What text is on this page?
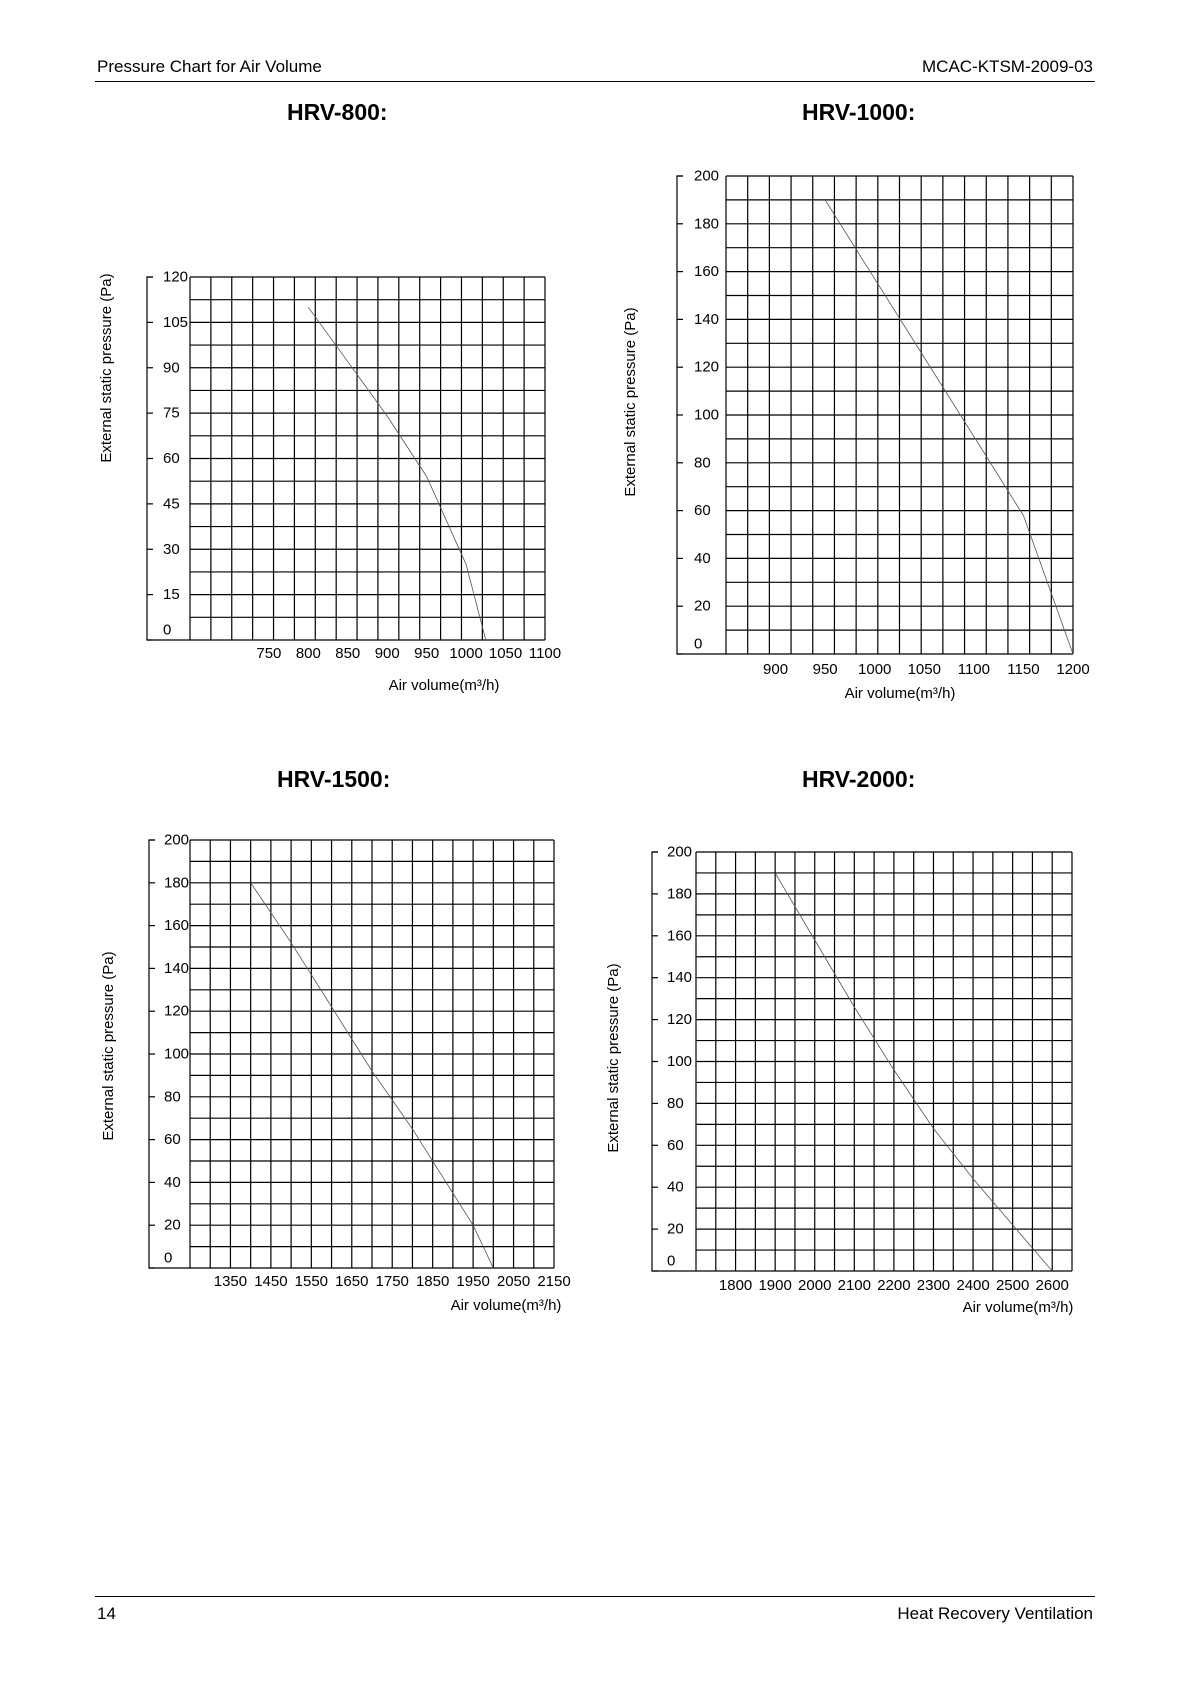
Pressure Chart for Air Volume	MCAC-KTSM-2009-03
HRV-800:	HRV-1000:
HRV-1500:	HRV-2000:
0
15
30
45
60
75
90
105
120
750 800 850 900 950 1000 1050 1100
Air volume(m³/h)
External static pressure (Pa)
0
20
40
60
80
100
120
140
160
180
200
900 950 1000 1050 1100 1150 1200
Air volume(m³/h)
External static pressure (Pa)
0
20
40
60
80
100
120
140
160
180
200
1350 1450 1550 1650 1750 1850 1950 2050 2150
Air volume(m³/h)
External static pressure (Pa)
0
20
40
60
80
100
120
140
160
180
200
1800 1900 2000 2100 2200 2300 2400 2500 2600
Air volume(m³/h)
External static pressure (Pa)
14	Heat Recovery Ventilation
